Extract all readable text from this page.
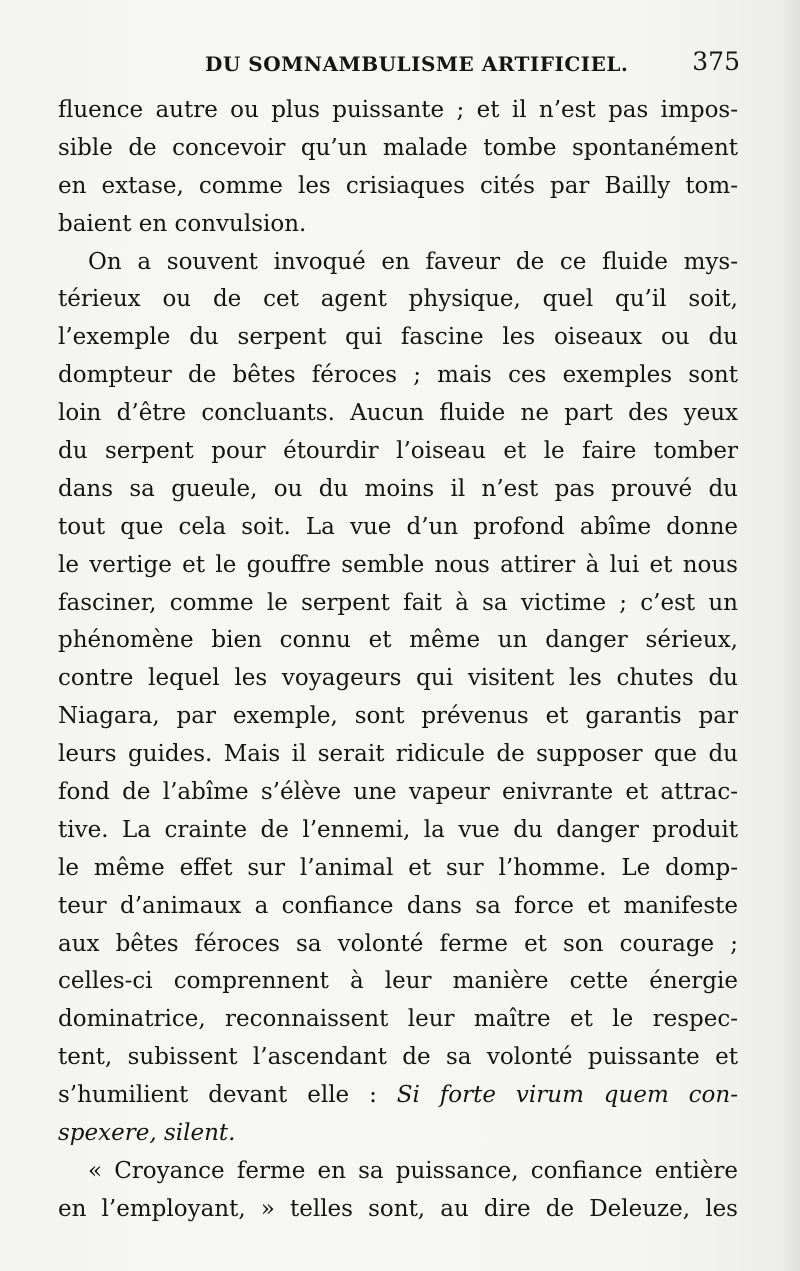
DU SOMNAMBULISME ARTIFICIEL.	375
fluence autre ou plus puissante ; et il n’est pas impos-
sible de concevoir qu’un malade tombe spontanément
en extase, comme les crisiaques cités par Bailly tom-
baient en convulsion.
On a souvent invoqué en faveur de ce fluide mys-
térieux ou de cet agent physique, quel qu’il soit,
l’exemple du serpent qui fascine les oiseaux ou du
dompteur de bêtes féroces ; mais ces exemples sont
loin d’être concluants. Aucun fluide ne part des yeux
du serpent pour étourdir l’oiseau et le faire tomber
dans sa gueule, ou du moins il n’est pas prouvé du
tout que cela soit. La vue d’un profond abîme donne
le vertige et le gouffre semble nous attirer à lui et nous
fasciner, comme le serpent fait à sa victime ; c’est un
phénomène bien connu et même un danger sérieux,
contre lequel les voyageurs qui visitent les chutes du
Niagara, par exemple, sont prévenus et garantis par
leurs guides. Mais il serait ridicule de supposer que du
fond de l’abîme s’élève une vapeur enivrante et attrac-
tive. La crainte de l’ennemi, la vue du danger produit
le même effet sur l’animal et sur l’homme. Le domp-
teur d’animaux a confiance dans sa force et manifeste
aux bêtes féroces sa volonté ferme et son courage ;
celles-ci comprennent à leur manière cette énergie
dominatrice, reconnaissent leur maître et le respec-
tent, subissent l’ascendant de sa volonté puissante et
s’humilient devant elle : Si forte virum quem con-
spexere, silent.
« Croyance ferme en sa puissance, confiance entière
en l’employant, » telles sont, au dire de Deleuze, les
